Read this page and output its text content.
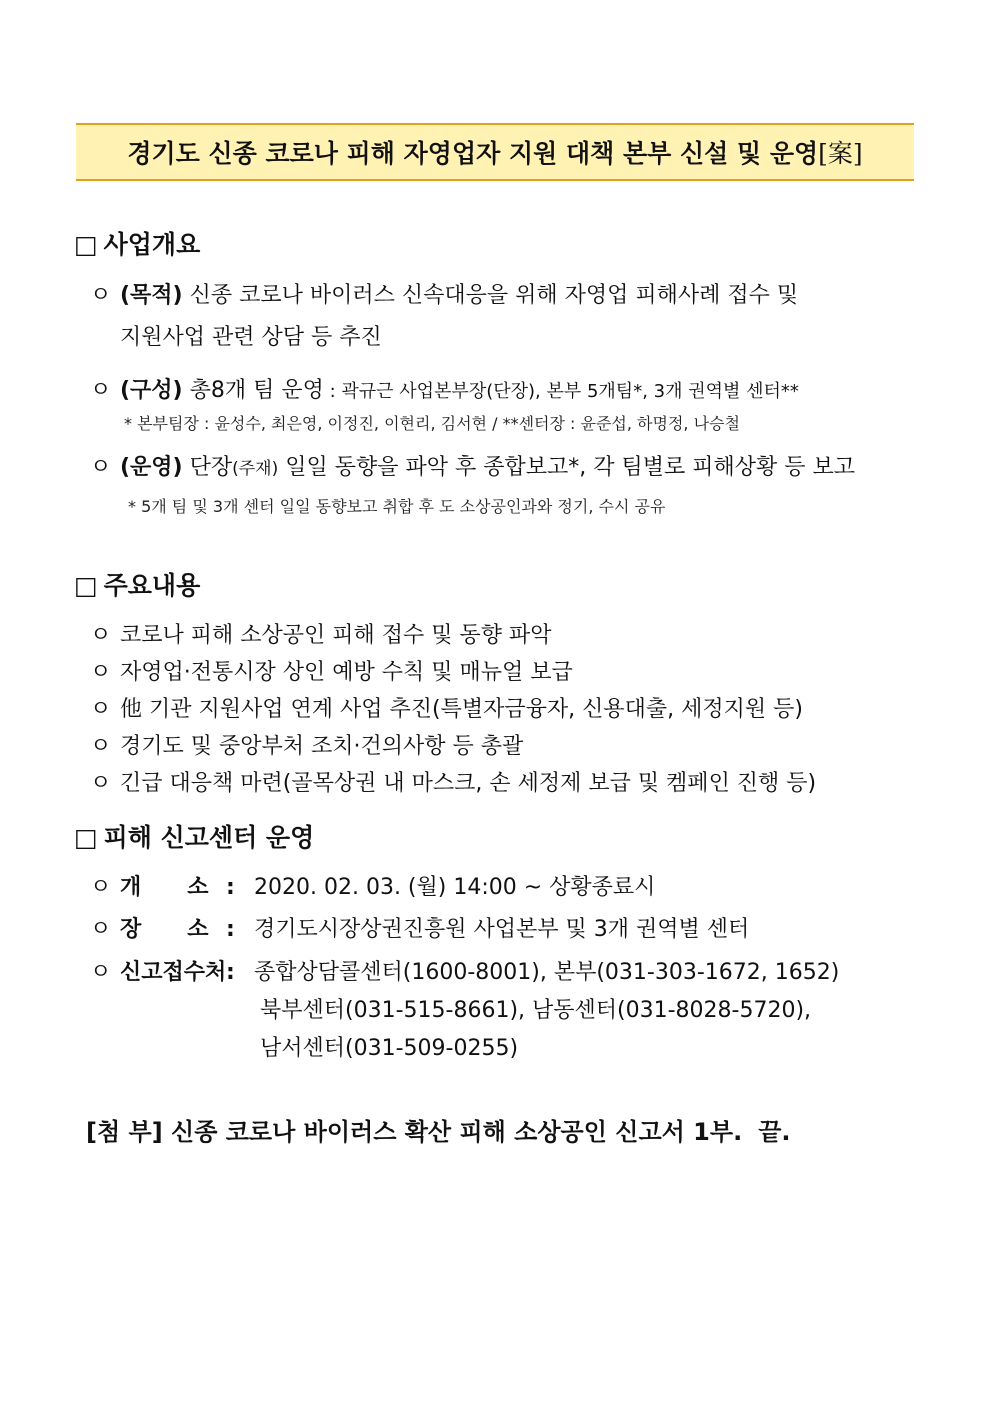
경기도 신종 코로나 피해 자영업자 지원 대책 본부 신설 및 운영 [案]
□ 사업개요
ㅇ (목적) 신종 코로나 바이러스 신속대응을 위해 자영업 피해사례 접수 및
지원사업 관련 상담 등 추진
ㅇ (구성) 총8개 팀 운영 : 곽규근 사업본부장(단장), 본부 5개팀*, 3개 권역별 센터**
* 본부팀장 : 윤성수, 최은영, 이정진, 이현리, 김서현 / **센터장 : 윤준섭, 하명정, 나승철
ㅇ (운영) 단장(주재) 일일 동향을 파악 후 종합보고*, 각 팀별로 피해상황 등 보고
* 5개 팀 및 3개 센터 일일 동향보고 취합 후 도 소상공인과와 정기, 수시 공유
□ 주요내용
ㅇ 코로나 피해 소상공인 피해 접수 및 동향 파악
ㅇ 자영업·전통시장 상인 예방 수칙 및 매뉴얼 보급
ㅇ 他 기관 지원사업 연계 사업 추진(특별자금융자, 신용대출, 세정지원 등)
ㅇ 경기도 및 중앙부처 조치·건의사항 등 총괄
ㅇ 긴급 대응책 마련(골목상권 내 마스크, 손 세정제 보급 및 켐페인 진행 등)
□ 피해 신고센터 운영
ㅇ 개      소 : 2020. 02. 03. (월) 14:00 ~ 상황종료시
ㅇ 장      소 : 경기도시장상권진흥원 사업본부 및 3개 권역별 센터
ㅇ 신고접수처: 종합상담콜센터(1600-8001), 본부(031-303-1672, 1652)
북부센터(031-515-8661), 남동센터(031-8028-5720),
남서센터(031-509-0255)
[첨 부] 신종 코로나 바이러스 확산 피해 소상공인 신고서 1부. 끝.
